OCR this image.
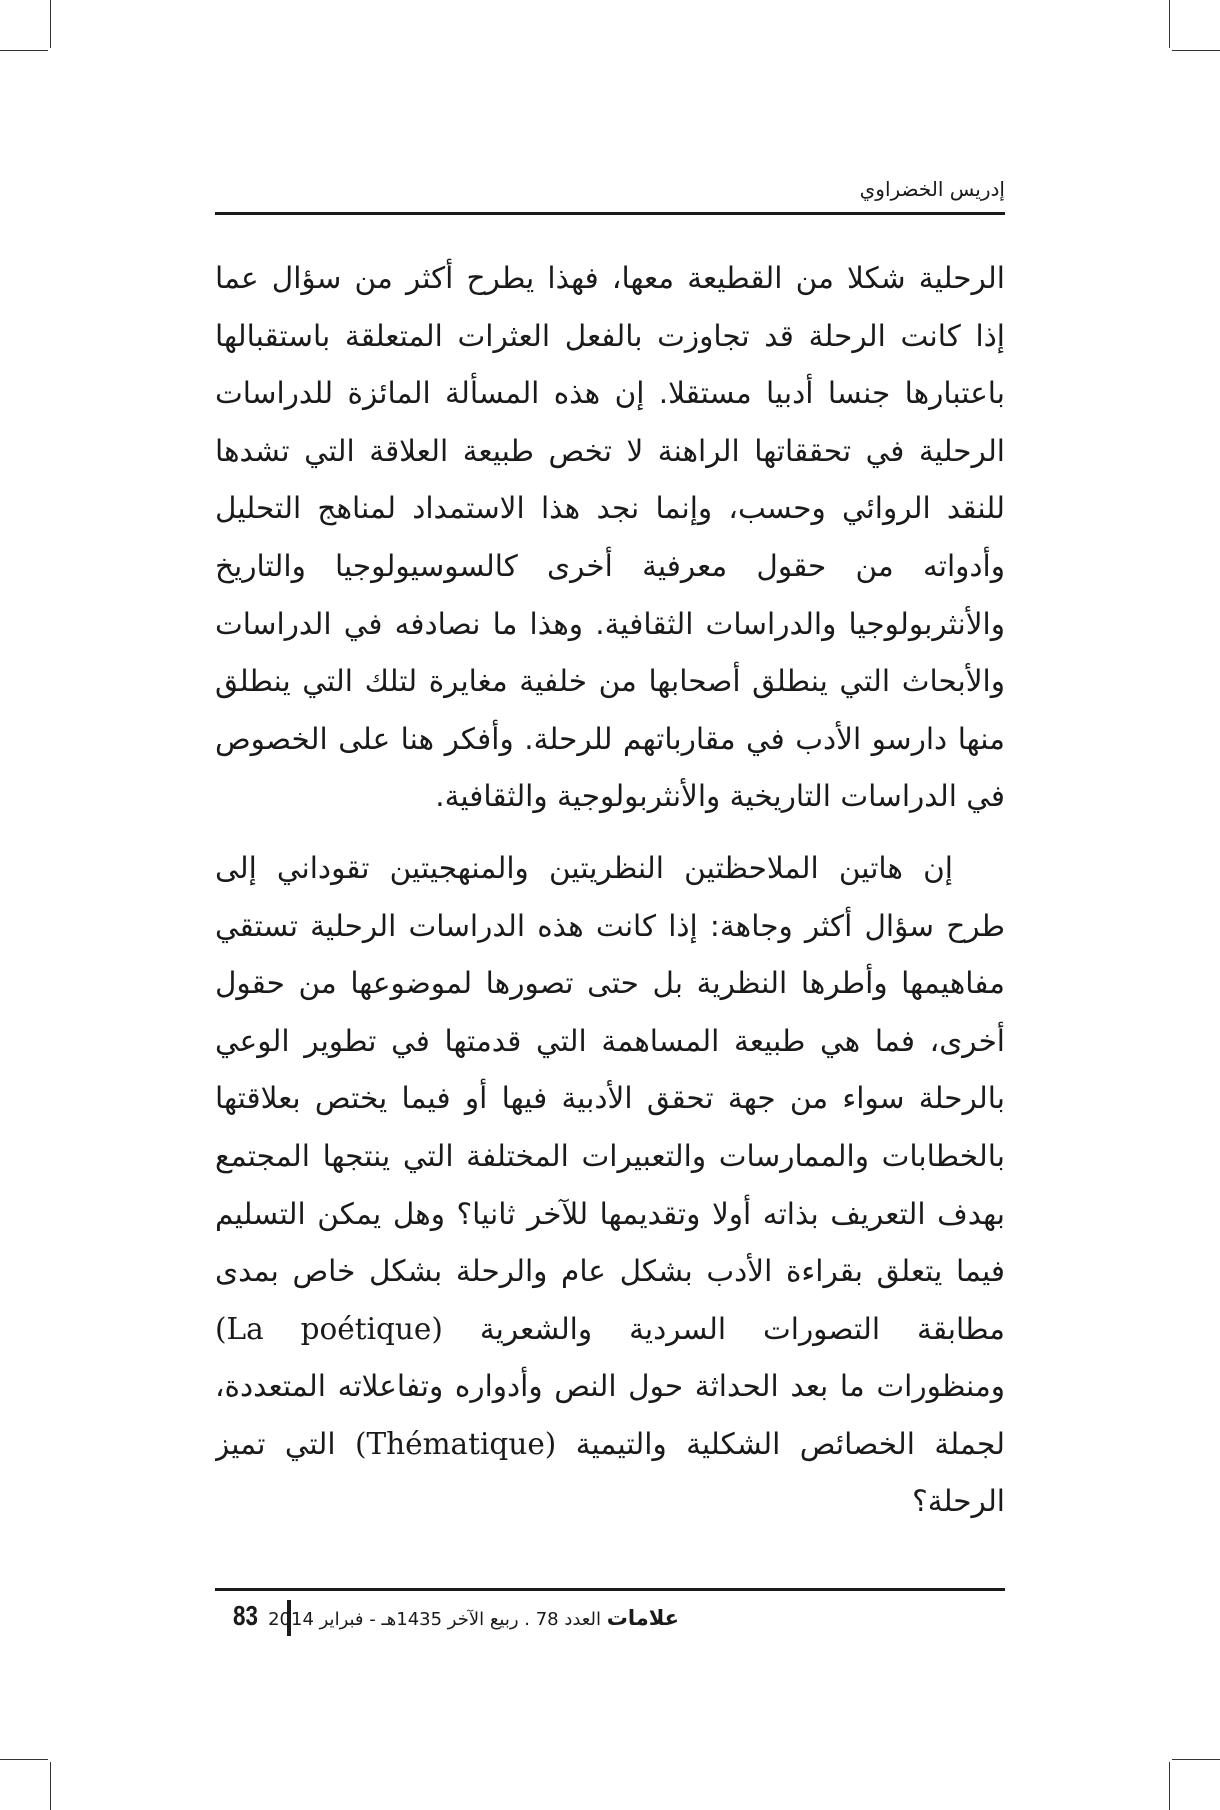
إدريس الخضراوي

الرحلية شكلا من القطيعة معها، فهذا يطرح أكثر من سؤال عما إذا كانت الرحلة قد تجاوزت بالفعل العثرات المتعلقة باستقبالها باعتبارها جنسا أدبيا مستقلا. إن هذه المسألة المائزة للدراسات الرحلية في تحققاتها الراهنة لا تخص طبيعة العلاقة التي تشدها للنقد الروائي وحسب، وإنما نجد هذا الاستمداد لمناهج التحليل وأدواته من حقول معرفية أخرى كالسوسيولوجيا والتاريخ والأنثربولوجيا والدراسات الثقافية. وهذا ما نصادفه في الدراسات والأبحاث التي ينطلق أصحابها من خلفية مغايرة لتلك التي ينطلق منها دارسو الأدب في مقارباتهم للرحلة. وأفكر هنا على الخصوص في الدراسات التاريخية والأنثربولوجية والثقافية.

إن هاتين الملاحظتين النظريتين والمنهجيتين تقوداني إلى طرح سؤال أكثر وجاهة: إذا كانت هذه الدراسات الرحلية تستقي مفاهيمها وأطرها النظرية بل حتى تصورها لموضوعها من حقول أخرى، فما هي طبيعة المساهمة التي قدمتها في تطوير الوعي بالرحلة سواء من جهة تحقق الأدبية فيها أو فيما يختص بعلاقتها بالخطابات والممارسات والتعبيرات المختلفة التي ينتجها المجتمع بهدف التعريف بذاته أولا وتقديمها للآخر ثانيا؟ وهل يمكن التسليم فيما يتعلق بقراءة الأدب بشكل عام والرحلة بشكل خاص بمدى مطابقة التصورات السردية والشعرية (La poétique) ومنظورات ما بعد الحداثة حول النص وأدواره وتفاعلاته المتعددة، لجملة الخصائص الشكلية والتيمية (Thématique) التي تميز الرحلة؟

83	علامات العدد 78 . ربيع الآخر 1435هـ - فبراير 2014
